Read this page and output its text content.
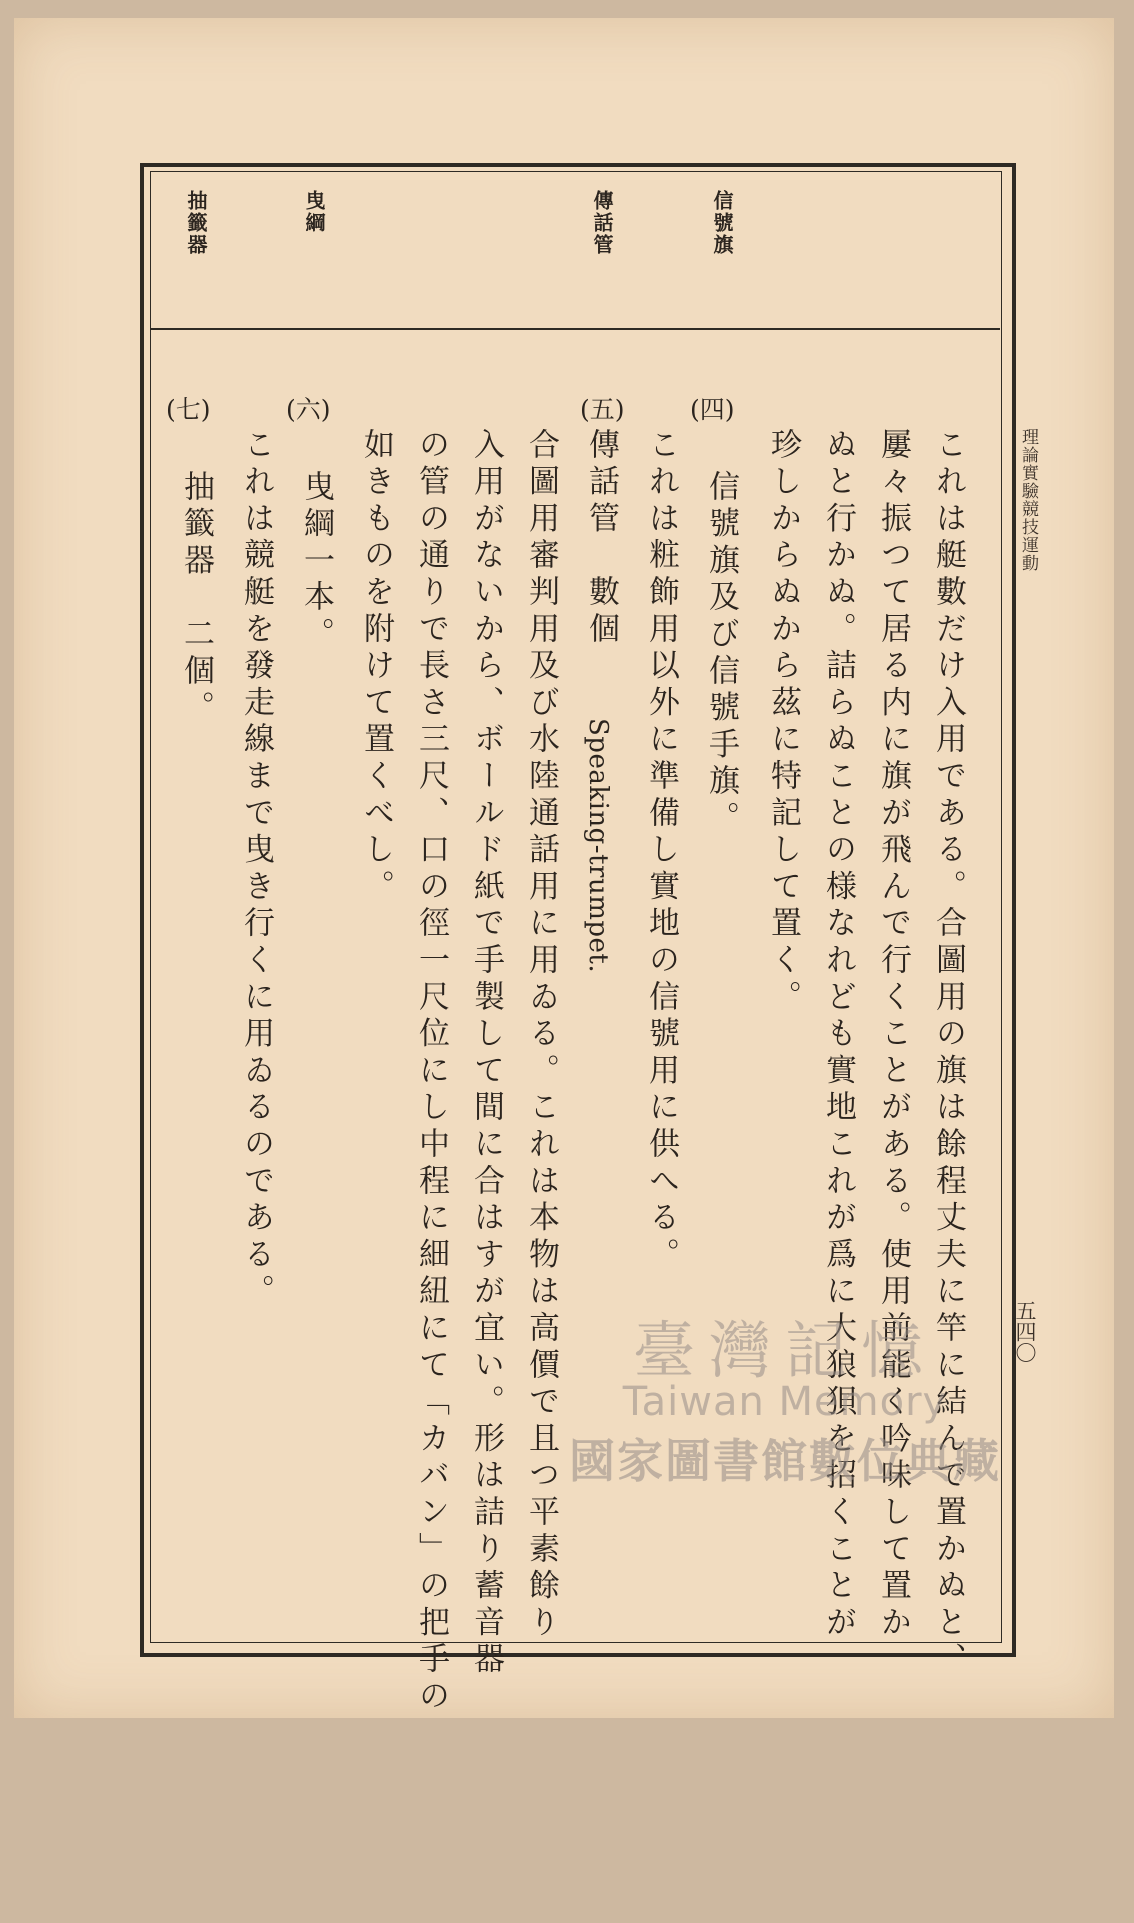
理論實驗競技運動
五四〇
信號旗
傳話管
曳綱
抽籤器
(四)
(五)
(六)
(七)
これは艇數だけ入用である。合圖用の旗は餘程丈夫に竿に結んで置かぬと、
屢々振つて居る内に旗が飛んで行くことがある。使用前能く吟味して置か
ぬと行かぬ。詰らぬことの様なれども實地これが爲に大狼狽を招くことが
珍しからぬから茲に特記して置く。
信號旗及び信號手旗。
これは粧飾用以外に準備し實地の信號用に供へる。
傳話管　數個
Speaking-trumpet.
合圖用審判用及び水陸通話用に用ゐる。これは本物は高價で且つ平素餘り
入用がないから、ボールド紙で手製して間に合はすが宜い。形は詰り蓄音器
の管の通りで長さ三尺、口の徑一尺位にし中程に細紐にて「カバン」の把手の
如きものを附けて置くべし。
曳綱一本。
これは競艇を發走線まで曳き行くに用ゐるのである。
抽籤器　二個。
臺灣記憶
Taiwan Memory
國家圖書館數位典藏
